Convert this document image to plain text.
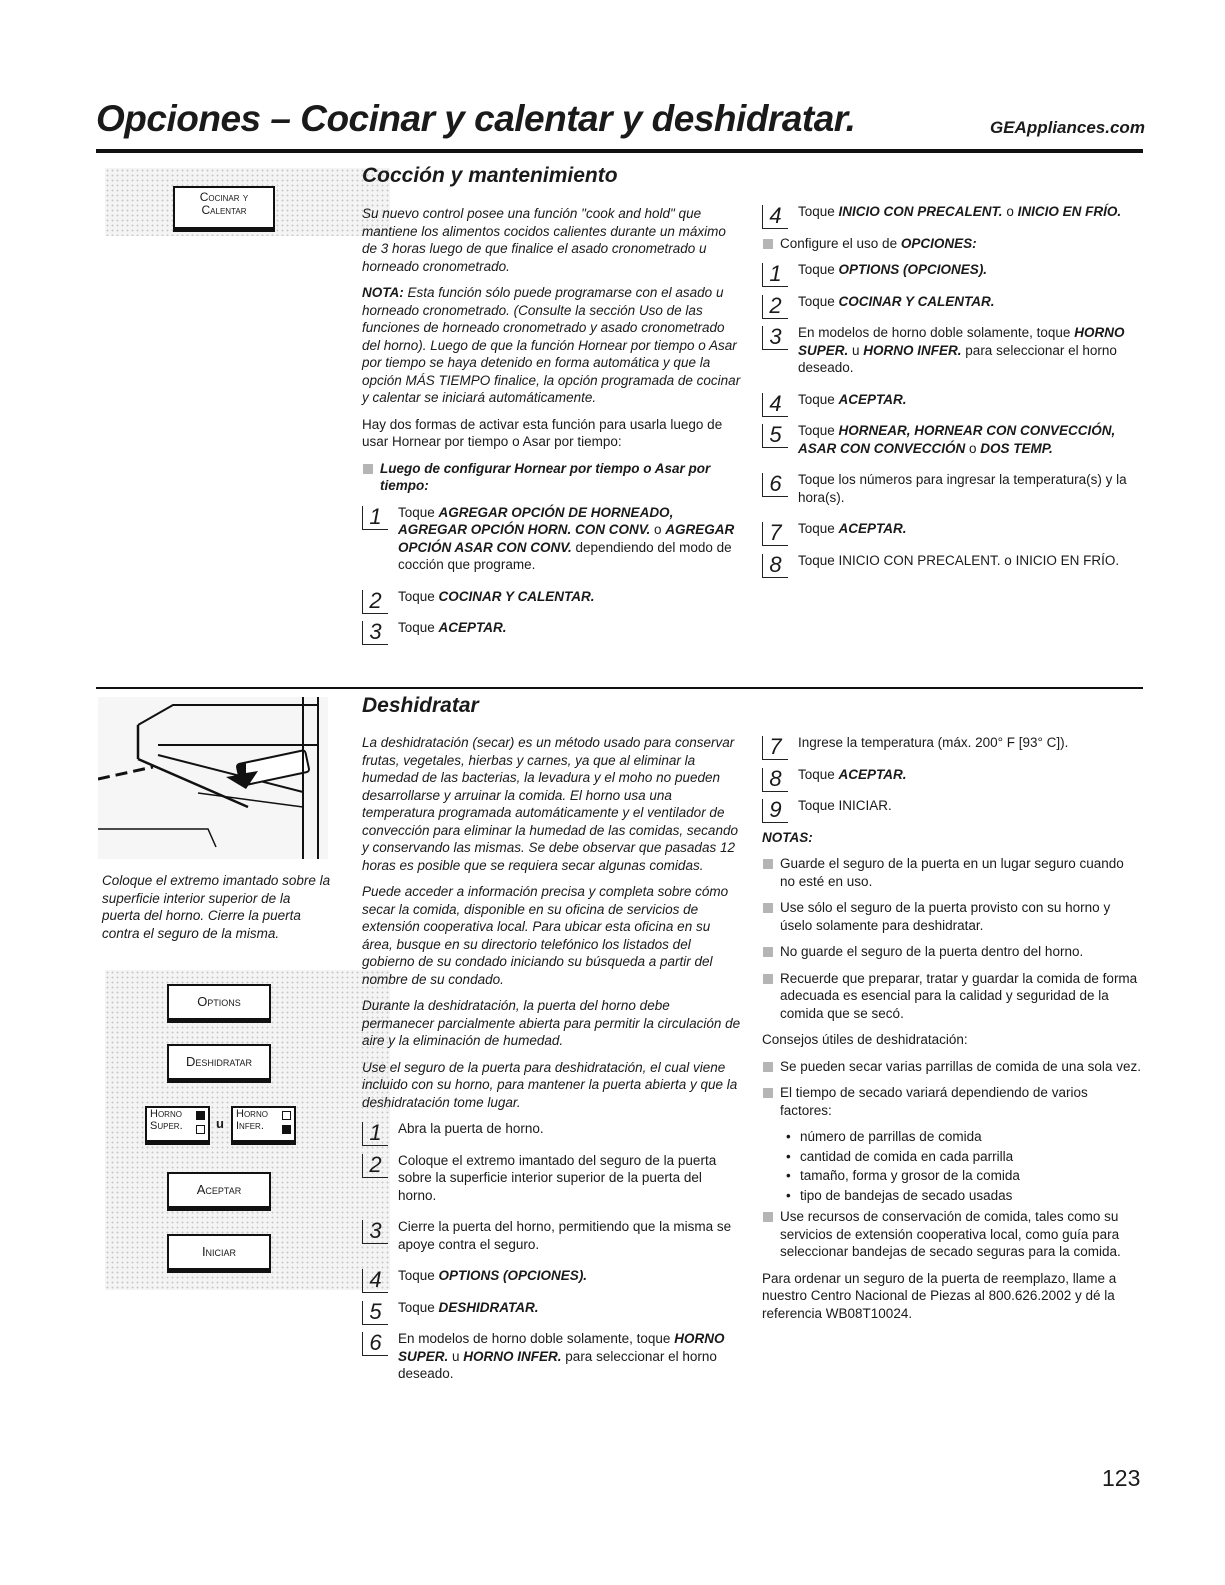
Opciones – Cocinar y calentar y deshidratar.	GEAppliances.com
Cocinar y
Calentar
Cocción y mantenimiento

Su nuevo control posee una función "cook and hold" que mantiene los alimentos cocidos calientes durante un máximo de 3 horas luego de que finalice el asado cronometrado u horneado cronometrado.

NOTA: Esta función sólo puede programarse con el asado u horneado cronometrado. (Consulte la sección Uso de las funciones de horneado cronometrado y asado cronometrado del horno). Luego de que la función Hornear por tiempo o Asar por tiempo se haya detenido en forma automática y que la opción MÁS TIEMPO finalice, la opción programada de cocinar y calentar se iniciará automáticamente.

Hay dos formas de activar esta función para usarla luego de usar Hornear por tiempo o Asar por tiempo:

Luego de configurar Hornear por tiempo o Asar por tiempo:
1	Toque AGREGAR OPCIÓN DE HORNEADO, AGREGAR OPCIÓN HORN. CON CONV. o AGREGAR OPCIÓN ASAR CON CONV. dependiendo del modo de cocción que programe.
2	Toque COCINAR Y CALENTAR.
3	Toque ACEPTAR.
4	Toque INICIO CON PRECALENT. o INICIO EN FRÍO.
Configure el uso de OPCIONES:
1	Toque OPTIONS (OPCIONES).
2	Toque COCINAR Y CALENTAR.
3	En modelos de horno doble solamente, toque HORNO SUPER. u HORNO INFER. para seleccionar el horno deseado.
4	Toque ACEPTAR.
5	Toque HORNEAR, HORNEAR CON CONVECCIÓN, ASAR CON CONVECCIÓN o DOS TEMP.
6	Toque los números para ingresar la temperatura(s) y la hora(s).
7	Toque ACEPTAR.
8	Toque INICIO CON PRECALENT. o INICIO EN FRÍO.
Coloque el extremo imantado sobre la superficie interior superior de la puerta del horno. Cierre la puerta contra el seguro de la misma.
Options
Deshidratar
Horno
Super.	u
Horno
Infer.
Aceptar
Iniciar
Deshidratar

La deshidratación (secar) es un método usado para conservar frutas, vegetales, hierbas y carnes, ya que al eliminar la humedad de las bacterias, la levadura y el moho no pueden desarrollarse y arruinar la comida. El horno usa una temperatura programada automáticamente y el ventilador de convección para eliminar la humedad de las comidas, secando y conservando las mismas. Se debe observar que pasadas 12 horas es posible que se requiera secar algunas comidas.

Puede acceder a información precisa y completa sobre cómo secar la comida, disponible en su oficina de servicios de extensión cooperativa local. Para ubicar esta oficina en su área, busque en su directorio telefónico los listados del gobierno de su condado iniciando su búsqueda a partir del nombre de su condado.

Durante la deshidratación, la puerta del horno debe permanecer parcialmente abierta para permitir la circulación de aire y la eliminación de humedad.

Use el seguro de la puerta para deshidratación, el cual viene incluido con su horno, para mantener la puerta abierta y que la deshidratación tome lugar.

1	Abra la puerta de horno.
2	Coloque el extremo imantado del seguro de la puerta sobre la superficie interior superior de la puerta del horno.
3	Cierre la puerta del horno, permitiendo que la misma se apoye contra el seguro.
4	Toque OPTIONS (OPCIONES).
5	Toque DESHIDRATAR.
6	En modelos de horno doble solamente, toque HORNO SUPER. u HORNO INFER. para seleccionar el horno deseado.
7	Ingrese la temperatura (máx. 200° F [93° C]).
8	Toque ACEPTAR.
9	Toque INICIAR.

NOTAS:

Guarde el seguro de la puerta en un lugar seguro cuando no esté en uso.
Use sólo el seguro de la puerta provisto con su horno y úselo solamente para deshidratar.
No guarde el seguro de la puerta dentro del horno.
Recuerde que preparar, tratar y guardar la comida de forma adecuada es esencial para la calidad y seguridad de la comida que se secó.

Consejos útiles de deshidratación:

Se pueden secar varias parrillas de comida de una sola vez.
El tiempo de secado variará dependiendo de varios factores:
• número de parrillas de comida
• cantidad de comida en cada parrilla
• tamaño, forma y grosor de la comida
• tipo de bandejas de secado usadas
Use recursos de conservación de comida, tales como su servicios de extensión cooperativa local, como guía para seleccionar bandejas de secado seguras para la comida.

Para ordenar un seguro de la puerta de reemplazo, llame a nuestro Centro Nacional de Piezas al 800.626.2002 y dé la referencia WB08T10024.

123
